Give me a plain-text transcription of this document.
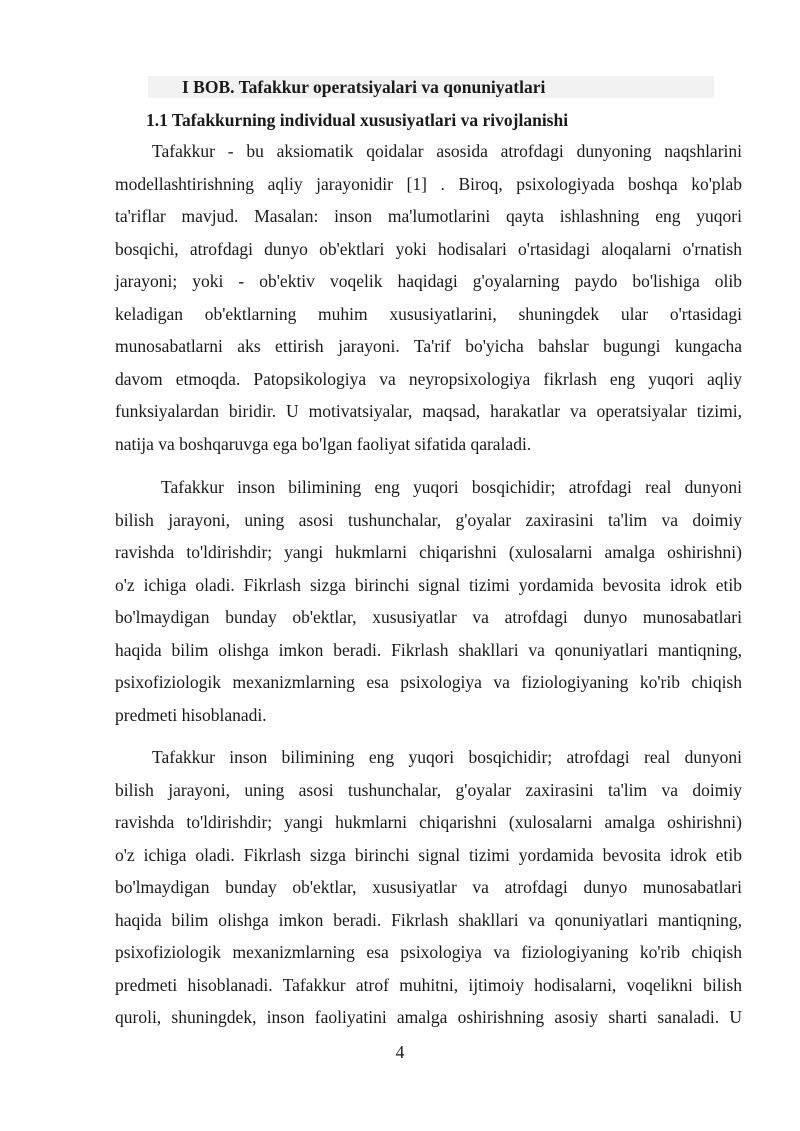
I BOB. Tafakkur operatsiyalari va qonuniyatlari
1.1 Tafakkurning individual xususiyatlari va rivojlanishi
Tafakkur - bu aksiomatik qoidalar asosida atrofdagi dunyoning naqshlarini
modellashtirishning aqliy jarayonidir [1] . Biroq, psixologiyada boshqa ko'plab
ta'riflar mavjud. Masalan: inson ma'lumotlarini qayta ishlashning eng yuqori
bosqichi, atrofdagi dunyo ob'ektlari yoki hodisalari o'rtasidagi aloqalarni o'rnatish
jarayoni; yoki - ob'ektiv voqelik haqidagi g'oyalarning paydo bo'lishiga olib
keladigan ob'ektlarning muhim xususiyatlarini, shuningdek ular o'rtasidagi
munosabatlarni aks ettirish jarayoni. Ta'rif bo'yicha bahslar bugungi kungacha
davom etmoqda. Patopsikologiya va neyropsixologiya fikrlash eng yuqori aqliy
funksiyalardan biridir. U motivatsiyalar, maqsad, harakatlar va operatsiyalar tizimi,
natija va boshqaruvga ega bo'lgan faoliyat sifatida qaraladi.
Tafakkur inson bilimining eng yuqori bosqichidir; atrofdagi real dunyoni
bilish jarayoni, uning asosi tushunchalar, g'oyalar zaxirasini ta'lim va doimiy
ravishda to'ldirishdir; yangi hukmlarni chiqarishni (xulosalarni amalga oshirishni)
o'z ichiga oladi. Fikrlash sizga birinchi signal tizimi yordamida bevosita idrok etib
bo'lmaydigan bunday ob'ektlar, xususiyatlar va atrofdagi dunyo munosabatlari
haqida bilim olishga imkon beradi. Fikrlash shakllari va qonuniyatlari mantiqning,
psixofiziologik mexanizmlarning esa psixologiya va fiziologiyaning ko'rib chiqish
predmeti hisoblanadi.
Tafakkur inson bilimining eng yuqori bosqichidir; atrofdagi real dunyoni
bilish jarayoni, uning asosi tushunchalar, g'oyalar zaxirasini ta'lim va doimiy
ravishda to'ldirishdir; yangi hukmlarni chiqarishni (xulosalarni amalga oshirishni)
o'z ichiga oladi. Fikrlash sizga birinchi signal tizimi yordamida bevosita idrok etib
bo'lmaydigan bunday ob'ektlar, xususiyatlar va atrofdagi dunyo munosabatlari
haqida bilim olishga imkon beradi. Fikrlash shakllari va qonuniyatlari mantiqning,
psixofiziologik mexanizmlarning esa psixologiya va fiziologiyaning ko'rib chiqish
predmeti hisoblanadi. Tafakkur atrof muhitni, ijtimoiy hodisalarni, voqelikni bilish
quroli, shuningdek, inson faoliyatini amalga oshirishning asosiy sharti sanaladi. U
4
